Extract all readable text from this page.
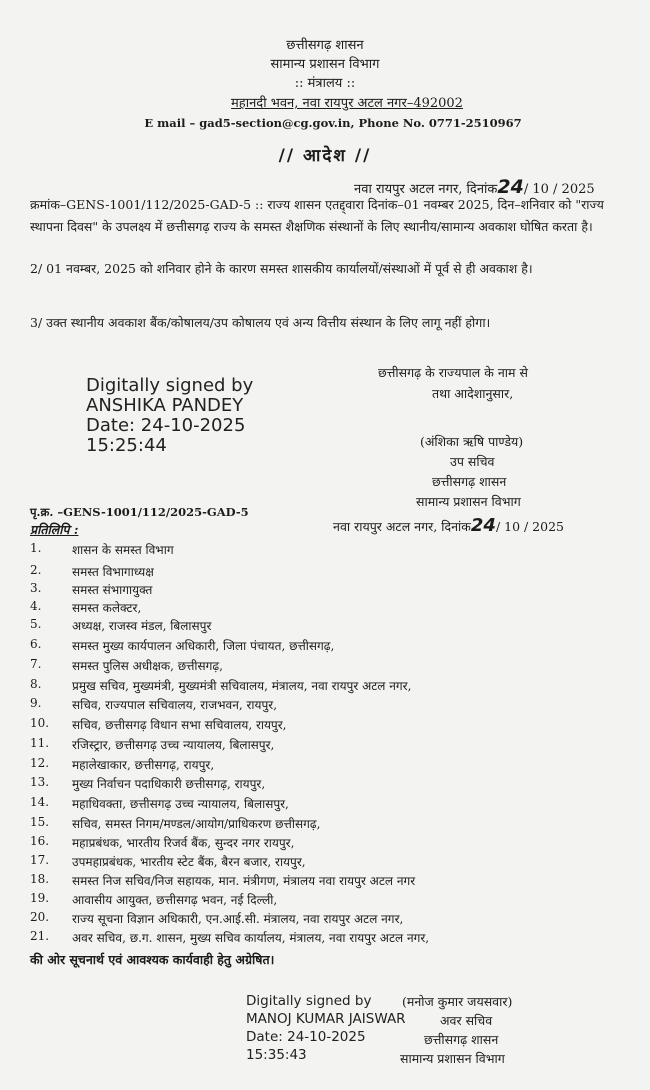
छत्तीसगढ़ शासन
सामान्य प्रशासन विभाग
:: मंत्रालय ::
महानदी भवन, नवा रायपुर अटल नगर–492002
E mail – gad5-section@cg.gov.in, Phone No. 0771-2510967
// आदेश //
नवा रायपुर अटल नगर, दिनांक24/ 10 / 2025
क्रमांक–GENS-1001/112/2025-GAD-5 :: राज्य शासन एतद्द्वारा दिनांक–01 नवम्बर 2025, दिन–शनिवार को "राज्य स्थापना दिवस" के उपलक्ष्य में छत्तीसगढ़ राज्य के समस्त शैक्षणिक संस्थानों के लिए स्थानीय/सामान्य अवकाश घोषित करता है।
2/ 01 नवम्बर, 2025 को शनिवार होने के कारण समस्त शासकीय कार्यालयों/संस्थाओं में पूर्व से ही अवकाश है।
3/ उक्त स्थानीय अवकाश बैंक/कोषालय/उप कोषालय एवं अन्य वित्तीय संस्थान के लिए लागू नहीं होगा।
छत्तीसगढ़ के राज्यपाल के नाम से
तथा आदेशानुसार,
Digitally signed by
ANSHIKA PANDEY
Date: 24-10-2025
15:25:44	(अंशिका ऋषि पाण्डेय)
उप सचिव
छत्तीसगढ़ शासन
सामान्य प्रशासन विभाग
पृ.क्र. –GENS-1001/112/2025-GAD-5
नवा रायपुर अटल नगर, दिनांक24/ 10 / 2025
प्रतिलिपि :
1.	शासन के समस्त विभाग
2.	समस्त विभागाध्यक्ष
3.	समस्त संभागायुक्त
4.	समस्त कलेक्टर,
5.	अध्यक्ष, राजस्व मंडल, बिलासपुर
6.	समस्त मुख्य कार्यपालन अधिकारी, जिला पंचायत, छत्तीसगढ़,
7.	समस्त पुलिस अधीक्षक, छत्तीसगढ़,
8.	प्रमुख सचिव, मुख्यमंत्री, मुख्यमंत्री सचिवालय, मंत्रालय, नवा रायपुर अटल नगर,
9.	सचिव, राज्यपाल सचिवालय, राजभवन, रायपुर,
10. सचिव, छत्तीसगढ़ विधान सभा सचिवालय, रायपुर,
11. रजिस्ट्रार, छत्तीसगढ़ उच्च न्यायालय, बिलासपुर,
12. महालेखाकार, छत्तीसगढ़, रायपुर,
13. मुख्य निर्वाचन पदाधिकारी छत्तीसगढ़, रायपुर,
14. महाधिवक्ता, छत्तीसगढ़ उच्च न्यायालय, बिलासपुर,
15. सचिव, समस्त निगम/मण्डल/आयोग/प्राधिकरण छत्तीसगढ़,
16. महाप्रबंधक, भारतीय रिजर्व बैंक, सुन्दर नगर रायपुर,
17. उपमहाप्रबंधक, भारतीय स्टेट बैंक, बैरन बजार, रायपुर,
18. समस्त निज सचिव/निज सहायक, मान. मंत्रीगण, मंत्रालय नवा रायपुर अटल नगर
19. आवासीय आयुक्त, छत्तीसगढ़ भवन, नई दिल्ली,
20. राज्य सूचना विज्ञान अधिकारी, एन.आई.सी. मंत्रालय, नवा रायपुर अटल नगर,
21. अवर सचिव, छ.ग. शासन, मुख्य सचिव कार्यालय, मंत्रालय, नवा रायपुर अटल नगर,
की ओर सूचनार्थ एवं आवश्यक कार्यवाही हेतु अग्रेषित।
Digitally signed by
MANOJ KUMAR JAISWAR
Date: 24-10-2025
15:35:43
(मनोज कुमार जयसवार)
अवर सचिव
छत्तीसगढ़ शासन
सामान्य प्रशासन विभाग
